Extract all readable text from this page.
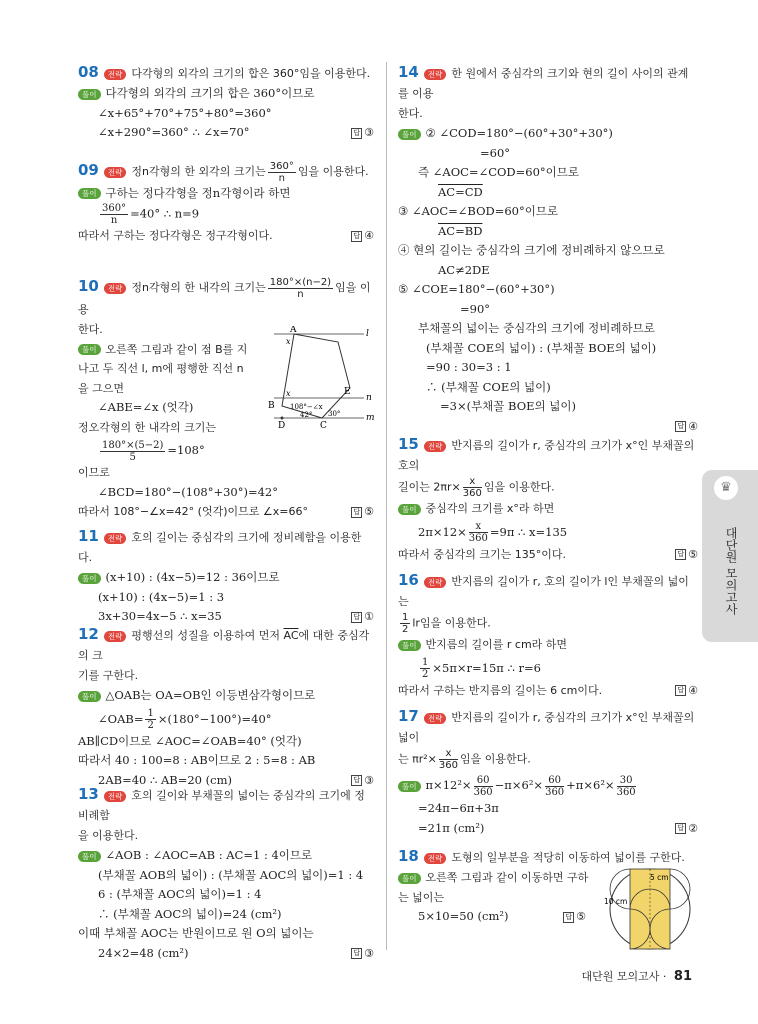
08 전략 다각형의 외각의 크기의 합은 360°임을 이용한다.
풀이 다각형의 외각의 크기의 합은 360°이므로
∠x+65°+70°+75°+80°=360°
∠x+290°=360° ∴ ∠x=70°	답 ③
09 전략 정n각형의 한 외각의 크기는 $\frac{360^\circ}{n}$ 임을 이용한다.
풀이 구하는 정다각형을 정n각형이라 하면
$\frac{360^\circ}{n} =40^\circ$ ∴ n=9
따라서 구하는 정다각형은 정구각형이다.	답 ④
10 전략 정n각형의 한 내각의 크기는 $\frac{180^\circ\times(n-2)}{n}$ 임을 이용
한다.
풀이 오른쪽 그림과 같이 점 B를 지
나고 두 직선 l, m에 평행한 직선 n
을 그으면
∠ABE=∠x (엇각)
정오각형의 한 내각의 크기는
$\frac{180^\circ\times(5-2)}{5} =108^\circ$
이므로
∠BCD=180°−(108°+30°)=42°
따라서 108°−∠x=42° (엇각)이므로 ∠x=66°	답 ⑤
A
B
C
D
E
l
n
m
x
x
108°−∠x
42° 30°
11 전략 호의 길이는 중심각의 크기에 정비례함을 이용한다.
풀이 (x+10) : (4x−5)=12 : 36이므로
(x+10) : (4x−5)=1 : 3
3x+30=4x−5 ∴ x=35	답 ①
12 전략 평행선의 성질을 이용하여 먼저 $\overline{AC}$에 대한 중심각의 크
기를 구한다.
풀이 △OAB는 OA=OB인 이등변삼각형이므로
∠OAB= $\frac{1}{2} \times(180^\circ-100^\circ)=40^\circ$
AB∥CD이므로 ∠AOC=∠OAB=40° (엇각)
따라서 40 : 100=8 : AB이므로 2 : 5=8 : AB
2AB=40 ∴ AB=20 (cm)	답 ③
13 전략 호의 길이와 부채꼴의 넓이는 중심각의 크기에 정비례함
을 이용한다.
풀이 ∠AOB : ∠AOC=AB : AC=1 : 4이므로
(부채꼴 AOB의 넓이) : (부채꼴 AOC의 넓이)=1 : 4
6 : (부채꼴 AOC의 넓이)=1 : 4
∴ (부채꼴 AOC의 넓이)=24 (cm²)
이때 부채꼴 AOC는 반원이므로 원 O의 넓이는
24×2=48 (cm²)	답 ③
14 전략 한 원에서 중심각의 크기와 현의 길이 사이의 관계를 이용
한다.
풀이 ② ∠COD=180°−(60°+30°+30°)
=60°
즉 ∠AOC=∠COD=60°이므로
AC=CD
③ ∠AOC=∠BOD=60°이므로
AC=BD
④ 현의 길이는 중심각의 크기에 정비례하지 않으므로
AC≠2DE
⑤ ∠COE=180°−(60°+30°)
=90°
부채꼴의 넓이는 중심각의 크기에 정비례하므로
(부채꼴 COE의 넓이) : (부채꼴 BOE의 넓이)
=90 : 30=3 : 1
∴ (부채꼴 COE의 넓이)
=3×(부채꼴 BOE의 넓이)
답 ④
15 전략 반지름의 길이가 r, 중심각의 크기가 x°인 부채꼴의 호의
길이는 $2\pi r\times \frac{x}{360}$ 임을 이용한다.
풀이 중심각의 크기를 x°라 하면
$2\pi\times 12\times \frac{x}{360} =9\pi$ ∴ x=135
따라서 중심각의 크기는 135°이다.	답 ⑤
16 전략 반지름의 길이가 r, 호의 길이가 l인 부채꼴의 넓이는
$\frac{1}{2}$ lr임을 이용한다.
풀이 반지름의 길이를 r cm라 하면
$\frac{1}{2} \times 5\pi\times r=15\pi$ ∴ r=6
따라서 구하는 반지름의 길이는 6 cm이다.	답 ④
17 전략 반지름의 길이가 r, 중심각의 크기가 x°인 부채꼴의 넓이
는 $\pi r^2\times \frac{x}{360}$ 임을 이용한다.
풀이 $\pi\times 12^2\times \frac{60}{360} -\pi\times 6^2\times \frac{60}{360} +\pi\times 6^2\times \frac{30}{360}$
=24π−6π+3π
=21π (cm²)	답 ②
18 전략 도형의 일부분을 적당히 이동하여 넓이를 구한다.
풀이 오른쪽 그림과 같이 이동하면 구하
는 넓이는
5×10=50 (cm²)	답 ⑤
10 cm
5 cm
♛
대단원 모의고사
대단원 모의고사 · 81
